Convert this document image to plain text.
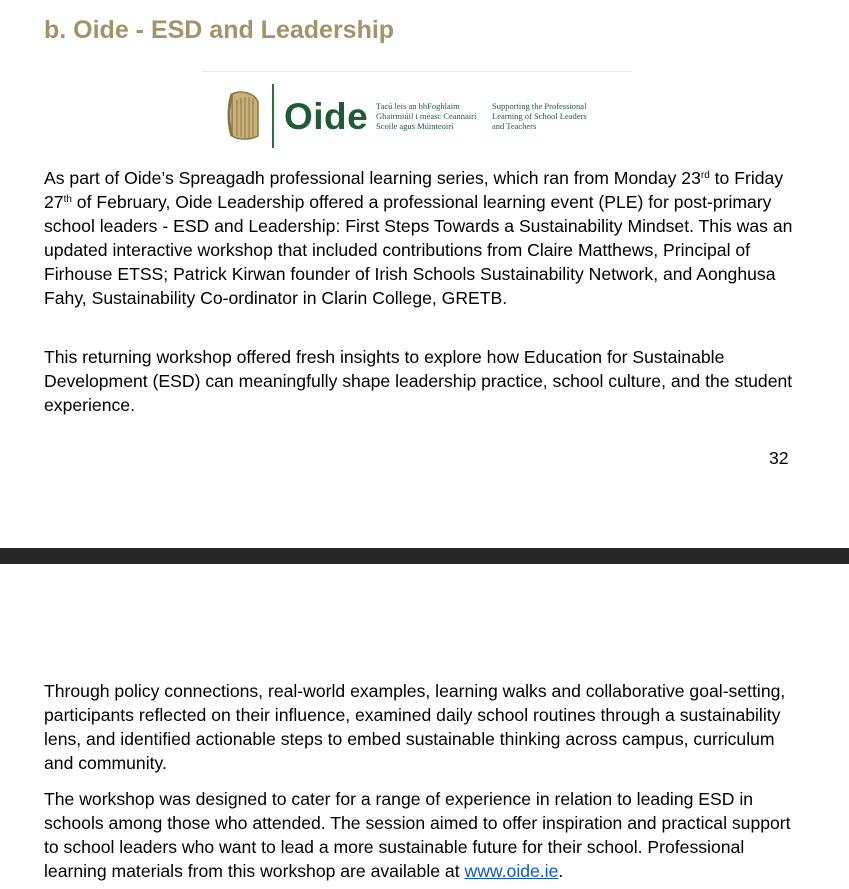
b. Oide - ESD and Leadership
Oide Tacú leis an bhFoghlaim
Ghairmiúil i measc Ceannairí
Scoile agus Múinteoirí
Supporting the Professional
Learning of School Leaders
and Teachers

As part of Oide’s Spreagadh professional learning series, which ran from Monday 23rd to Friday 27th of February, Oide Leadership offered a professional learning event (PLE) for post-primary school leaders - ESD and Leadership: First Steps Towards a Sustainability Mindset. This was an updated interactive workshop that included contributions from Claire Matthews, Principal of Firhouse ETSS; Patrick Kirwan founder of Irish Schools Sustainability Network, and Aonghusa Fahy, Sustainability Co-ordinator in Clarin College, GRETB.

This returning workshop offered fresh insights to explore how Education for Sustainable Development (ESD) can meaningfully shape leadership practice, school culture, and the student experience.

32

Through policy connections, real-world examples, learning walks and collaborative goal-setting, participants reflected on their influence, examined daily school routines through a sustainability lens, and identified actionable steps to embed sustainable thinking across campus, curriculum and community.

The workshop was designed to cater for a range of experience in relation to leading ESD in schools among those who attended. The session aimed to offer inspiration and practical support to school leaders who want to lead a more sustainable future for their school. Professional learning materials from this workshop are available at www.oide.ie.
